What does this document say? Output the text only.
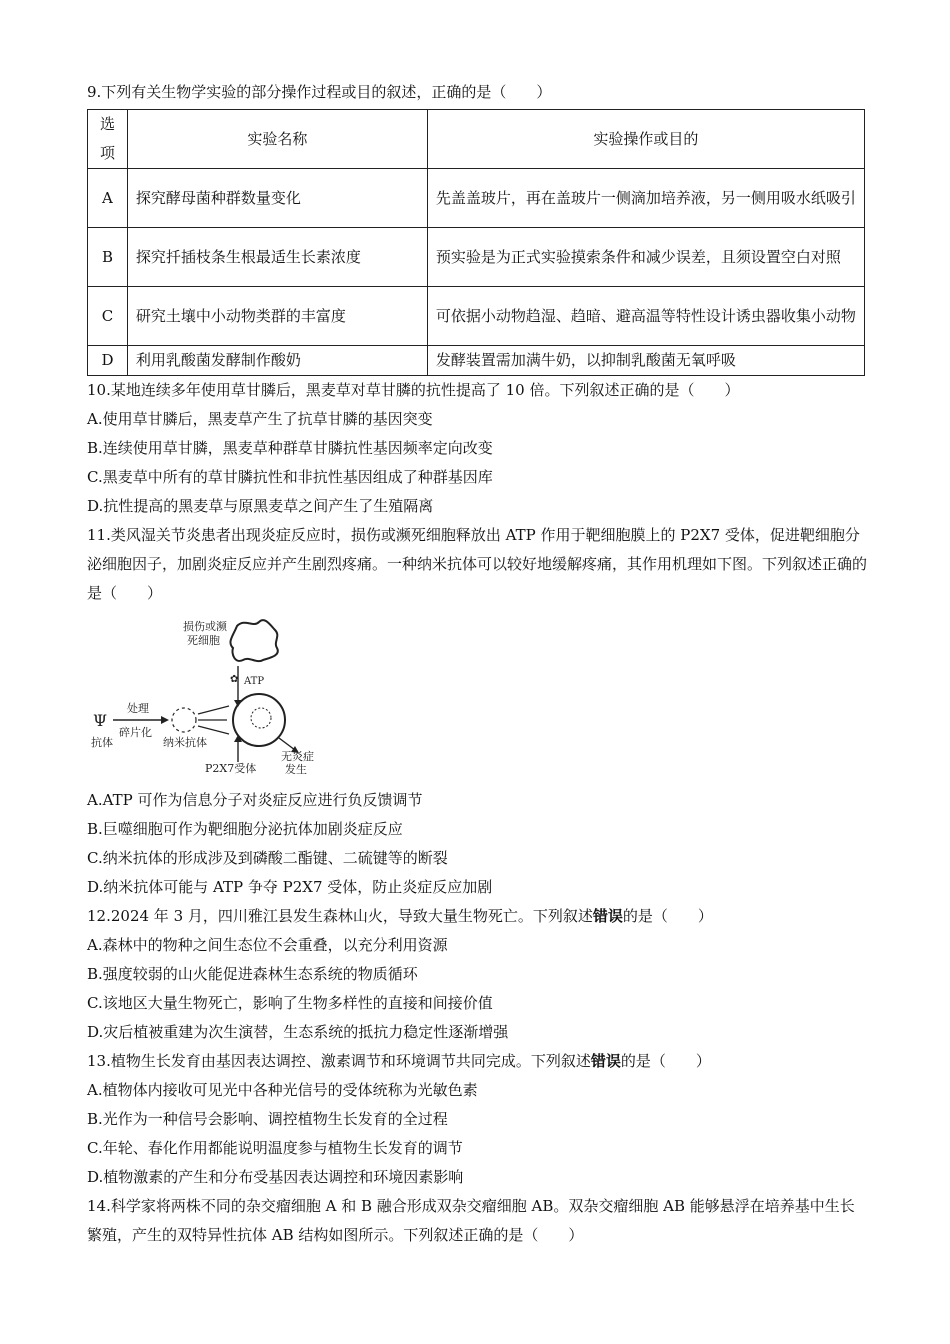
9.下列有关生物学实验的部分操作过程或目的叙述，正确的是（　　）
选项	实验名称	实验操作或目的
A	探究酵母菌种群数量变化	先盖盖玻片，再在盖玻片一侧滴加培养液，另一侧用吸水纸吸引
B	探究扦插枝条生根最适生长素浓度	预实验是为正式实验摸索条件和减少误差，且须设置空白对照
C	研究土壤中小动物类群的丰富度	可依据小动物趋湿、趋暗、避高温等特性设计诱虫器收集小动物
D	利用乳酸菌发酵制作酸奶	发酵装置需加满牛奶，以抑制乳酸菌无氧呼吸
10.某地连续多年使用草甘膦后，黑麦草对草甘膦的抗性提高了 10 倍。下列叙述正确的是（　　）
A.使用草甘膦后，黑麦草产生了抗草甘膦的基因突变
B.连续使用草甘膦，黑麦草种群草甘膦抗性基因频率定向改变
C.黑麦草中所有的草甘膦抗性和非抗性基因组成了种群基因库
D.抗性提高的黑麦草与原黑麦草之间产生了生殖隔离
11.类风湿关节炎患者出现炎症反应时，损伤或濒死细胞释放出 ATP 作用于靶细胞膜上的 P2X7 受体，促进靶细胞分泌细胞因子，加剧炎症反应并产生剧烈疼痛。一种纳米抗体可以较好地缓解疼痛，其作用机理如下图。下列叙述正确的是（　　）
损伤或濒
死细胞
✿ ATP
Ψ
抗体
处理
碎片化
纳米抗体
P2X7受体
无炎症
发生
A.ATP 可作为信息分子对炎症反应进行负反馈调节
B.巨噬细胞可作为靶细胞分泌抗体加剧炎症反应
C.纳米抗体的形成涉及到磷酸二酯键、二硫键等的断裂
D.纳米抗体可能与 ATP 争夺 P2X7 受体，防止炎症反应加剧
12.2024 年 3 月，四川雅江县发生森林山火，导致大量生物死亡。下列叙述错误的是（　　）
A.森林中的物种之间生态位不会重叠，以充分利用资源
B.强度较弱的山火能促进森林生态系统的物质循环
C.该地区大量生物死亡，影响了生物多样性的直接和间接价值
D.灾后植被重建为次生演替，生态系统的抵抗力稳定性逐渐增强
13.植物生长发育由基因表达调控、激素调节和环境调节共同完成。下列叙述错误的是（　　）
A.植物体内接收可见光中各种光信号的受体统称为光敏色素
B.光作为一种信号会影响、调控植物生长发育的全过程
C.年轮、春化作用都能说明温度参与植物生长发育的调节
D.植物激素的产生和分布受基因表达调控和环境因素影响
14.科学家将两株不同的杂交瘤细胞 A 和 B 融合形成双杂交瘤细胞 AB。双杂交瘤细胞 AB 能够悬浮在培养基中生长繁殖，产生的双特异性抗体 AB 结构如图所示。下列叙述正确的是（　　）
